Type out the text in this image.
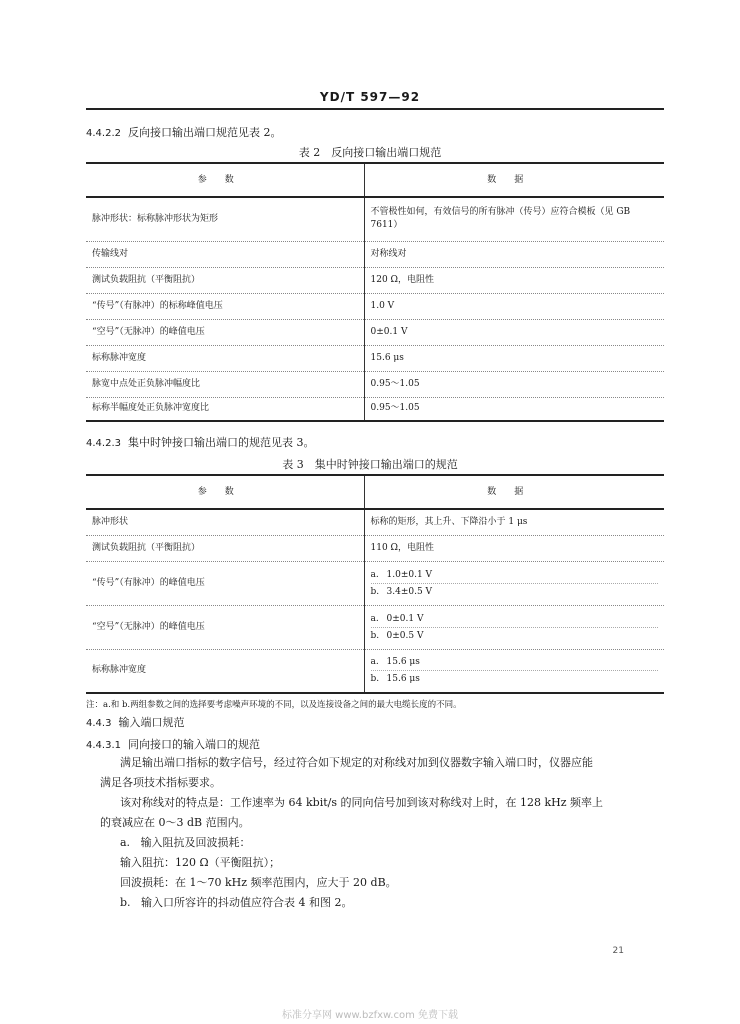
YD/T 597—92
4.4.2.2 反向接口输出端口规范见表 2。
表 2　反向接口输出端口规范
参数	数据
脉冲形状：标称脉冲形状为矩形	不管极性如何，有效信号的所有脉冲（传号）应符合模板（见 GB 7611）
传输线对	对称线对
测试负载阻抗（平衡阻抗）	120 Ω，电阻性
“传号”（有脉冲）的标称峰值电压	1.0 V
“空号”（无脉冲）的峰值电压	0±0.1 V
标称脉冲宽度	15.6 μs
脉宽中点处正负脉冲幅度比	0.95～1.05
标称半幅度处正负脉冲宽度比	0.95～1.05
4.4.2.3 集中时钟接口输出端口的规范见表 3。
表 3　集中时钟接口输出端口的规范
参数	数据
脉冲形状	标称的矩形，其上升、下降沿小于 1 μs
测试负载阻抗（平衡阻抗）	110 Ω，电阻性
“传号”（有脉冲）的峰值电压	a. 1.0±0.1 V
b. 3.4±0.5 V

“空号”（无脉冲）的峰值电压	a. 0±0.1 V
b. 0±0.5 V

标称脉冲宽度	a. 15.6 μs
b. 15.6 μs
注：a.和 b.两组参数之间的选择要考虑噪声环境的不同，以及连接设备之间的最大电缆长度的不同。
4.4.3 输入端口规范
4.4.3.1 同向接口的输入端口的规范
满足输出端口指标的数字信号，经过符合如下规定的对称线对加到仪器数字输入端口时，仪器应能
满足各项技术指标要求。
该对称线对的特点是：工作速率为 64 kbit/s 的同向信号加到该对称线对上时，在 128 kHz 频率上
的衰减应在 0～3 dB 范围内。
a. 输入阻抗及回波损耗：
输入阻抗：120 Ω（平衡阻抗）；
回波损耗：在 1～70 kHz 频率范围内，应大于 20 dB。
b. 输入口所容许的抖动值应符合表 4 和图 2。
21
标准分享网 www.bzfxw.com 免费下载
